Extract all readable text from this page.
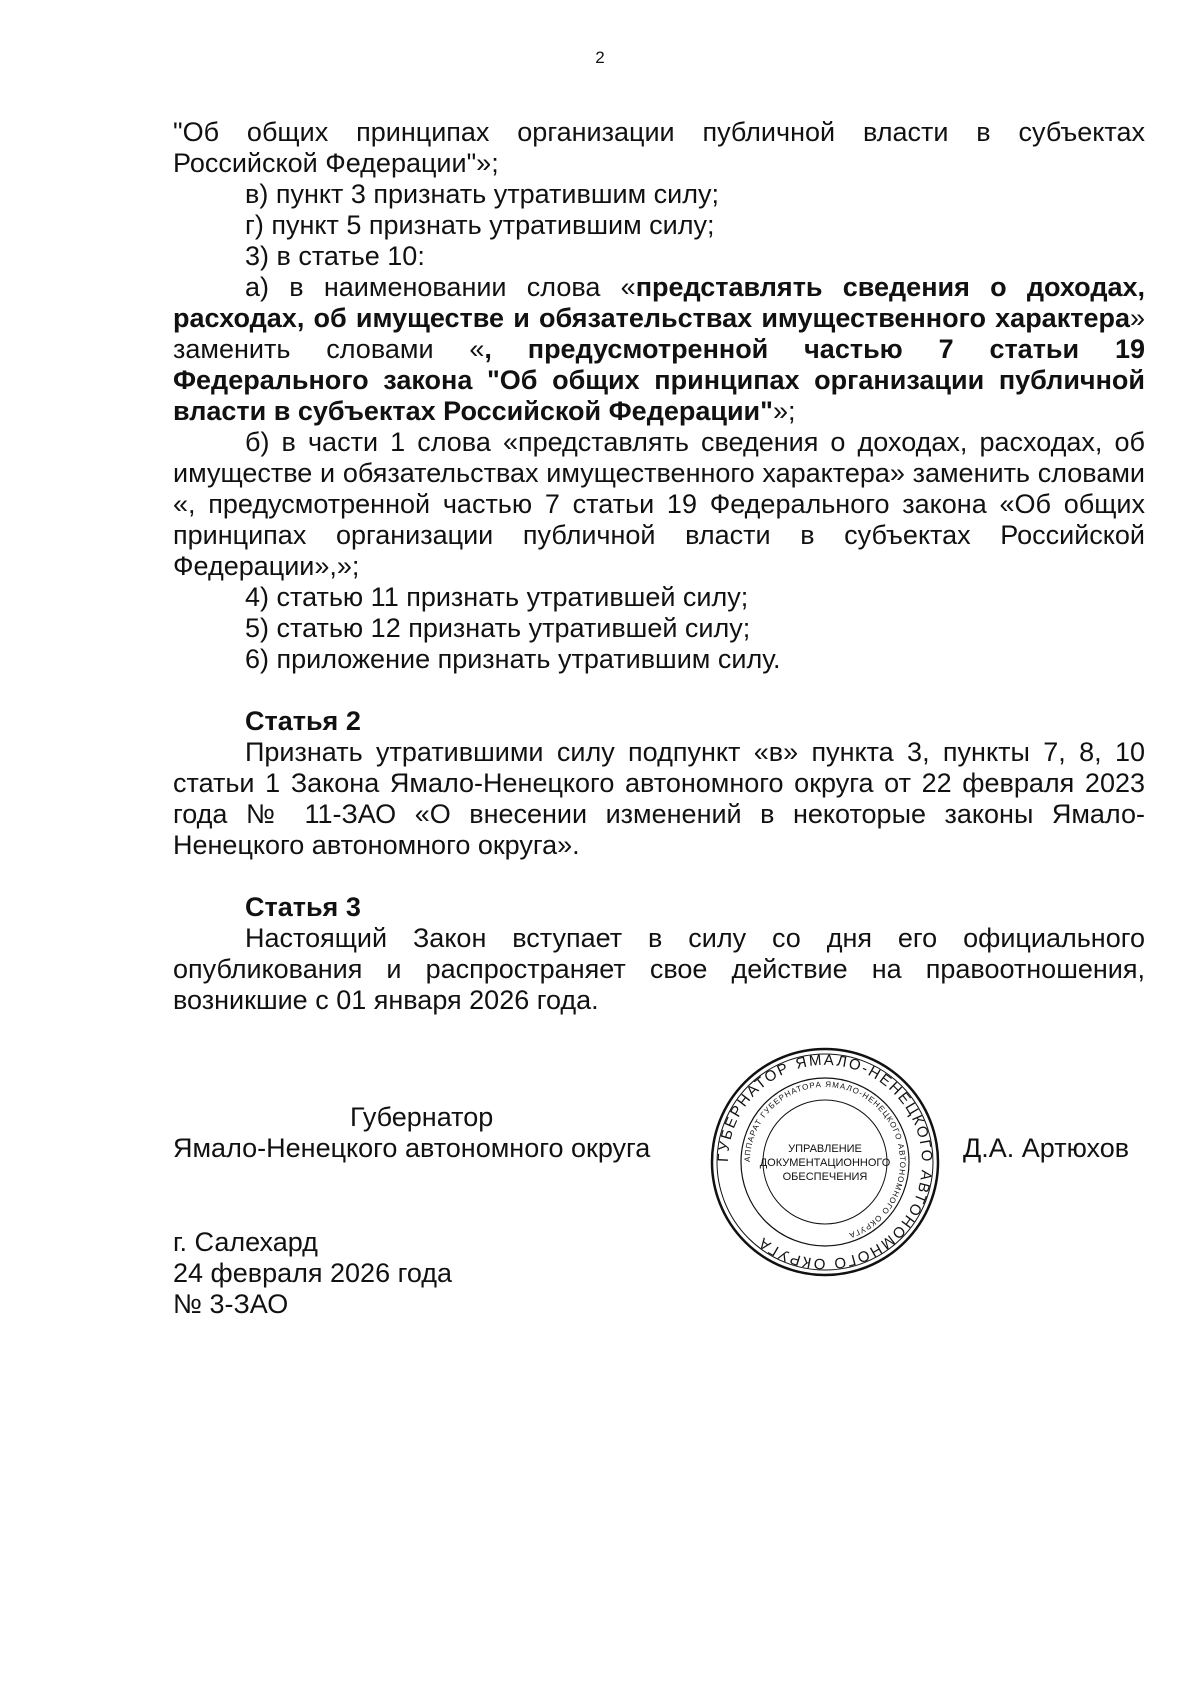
2

"Об общих принципах организации публичной власти в субъектах Российской Федерации"»;

в) пункт 3 признать утратившим силу;

г) пункт 5 признать утратившим силу;

3) в статье 10:

а) в наименовании слова «представлять сведения о доходах, расходах, об имуществе и обязательствах имущественного характера» заменить словами «, предусмотренной частью 7 статьи 19 Федерального закона "Об общих принципах организации публичной власти в субъектах Российской Федерации"»;

б) в части 1 слова «представлять сведения о доходах, расходах, об имуществе и обязательствах имущественного характера» заменить словами «, предусмотренной частью 7 статьи 19 Федерального закона «Об общих принципах организации публичной власти в субъектах Российской Федерации»,»;

4) статью 11 признать утратившей силу;

5) статью 12 признать утратившей силу;

6) приложение признать утратившим силу.

Статья 2

Признать утратившими силу подпункт «в» пункта 3, пункты 7, 8, 10 статьи 1 Закона Ямало-Ненецкого автономного округа от 22 февраля 2023 года № 11-ЗАО «О внесении изменений в некоторые законы Ямало-Ненецкого автономного округа».

Статья 3

Настоящий Закон вступает в силу со дня его официального опубликования и распространяет свое действие на правоотношения, возникшие с 01 января 2026 года.

Губернатор
Ямало-Ненецкого автономного округа	Д.А. Артюхов
ГУБЕРНАТОР ЯМАЛО-НЕНЕЦКОГО АВТОНОМНОГО ОКРУГА
АППАРАТ ГУБЕРНАТОРА ЯМАЛО-НЕНЕЦКОГО АВТОНОМНОГО ОКРУГА
УПРАВЛЕНИЕ
ДОКУМЕНТАЦИОННОГО
ОБЕСПЕЧЕНИЯ
г. Салехард
24 февраля 2026 года
№ 3-ЗАО
